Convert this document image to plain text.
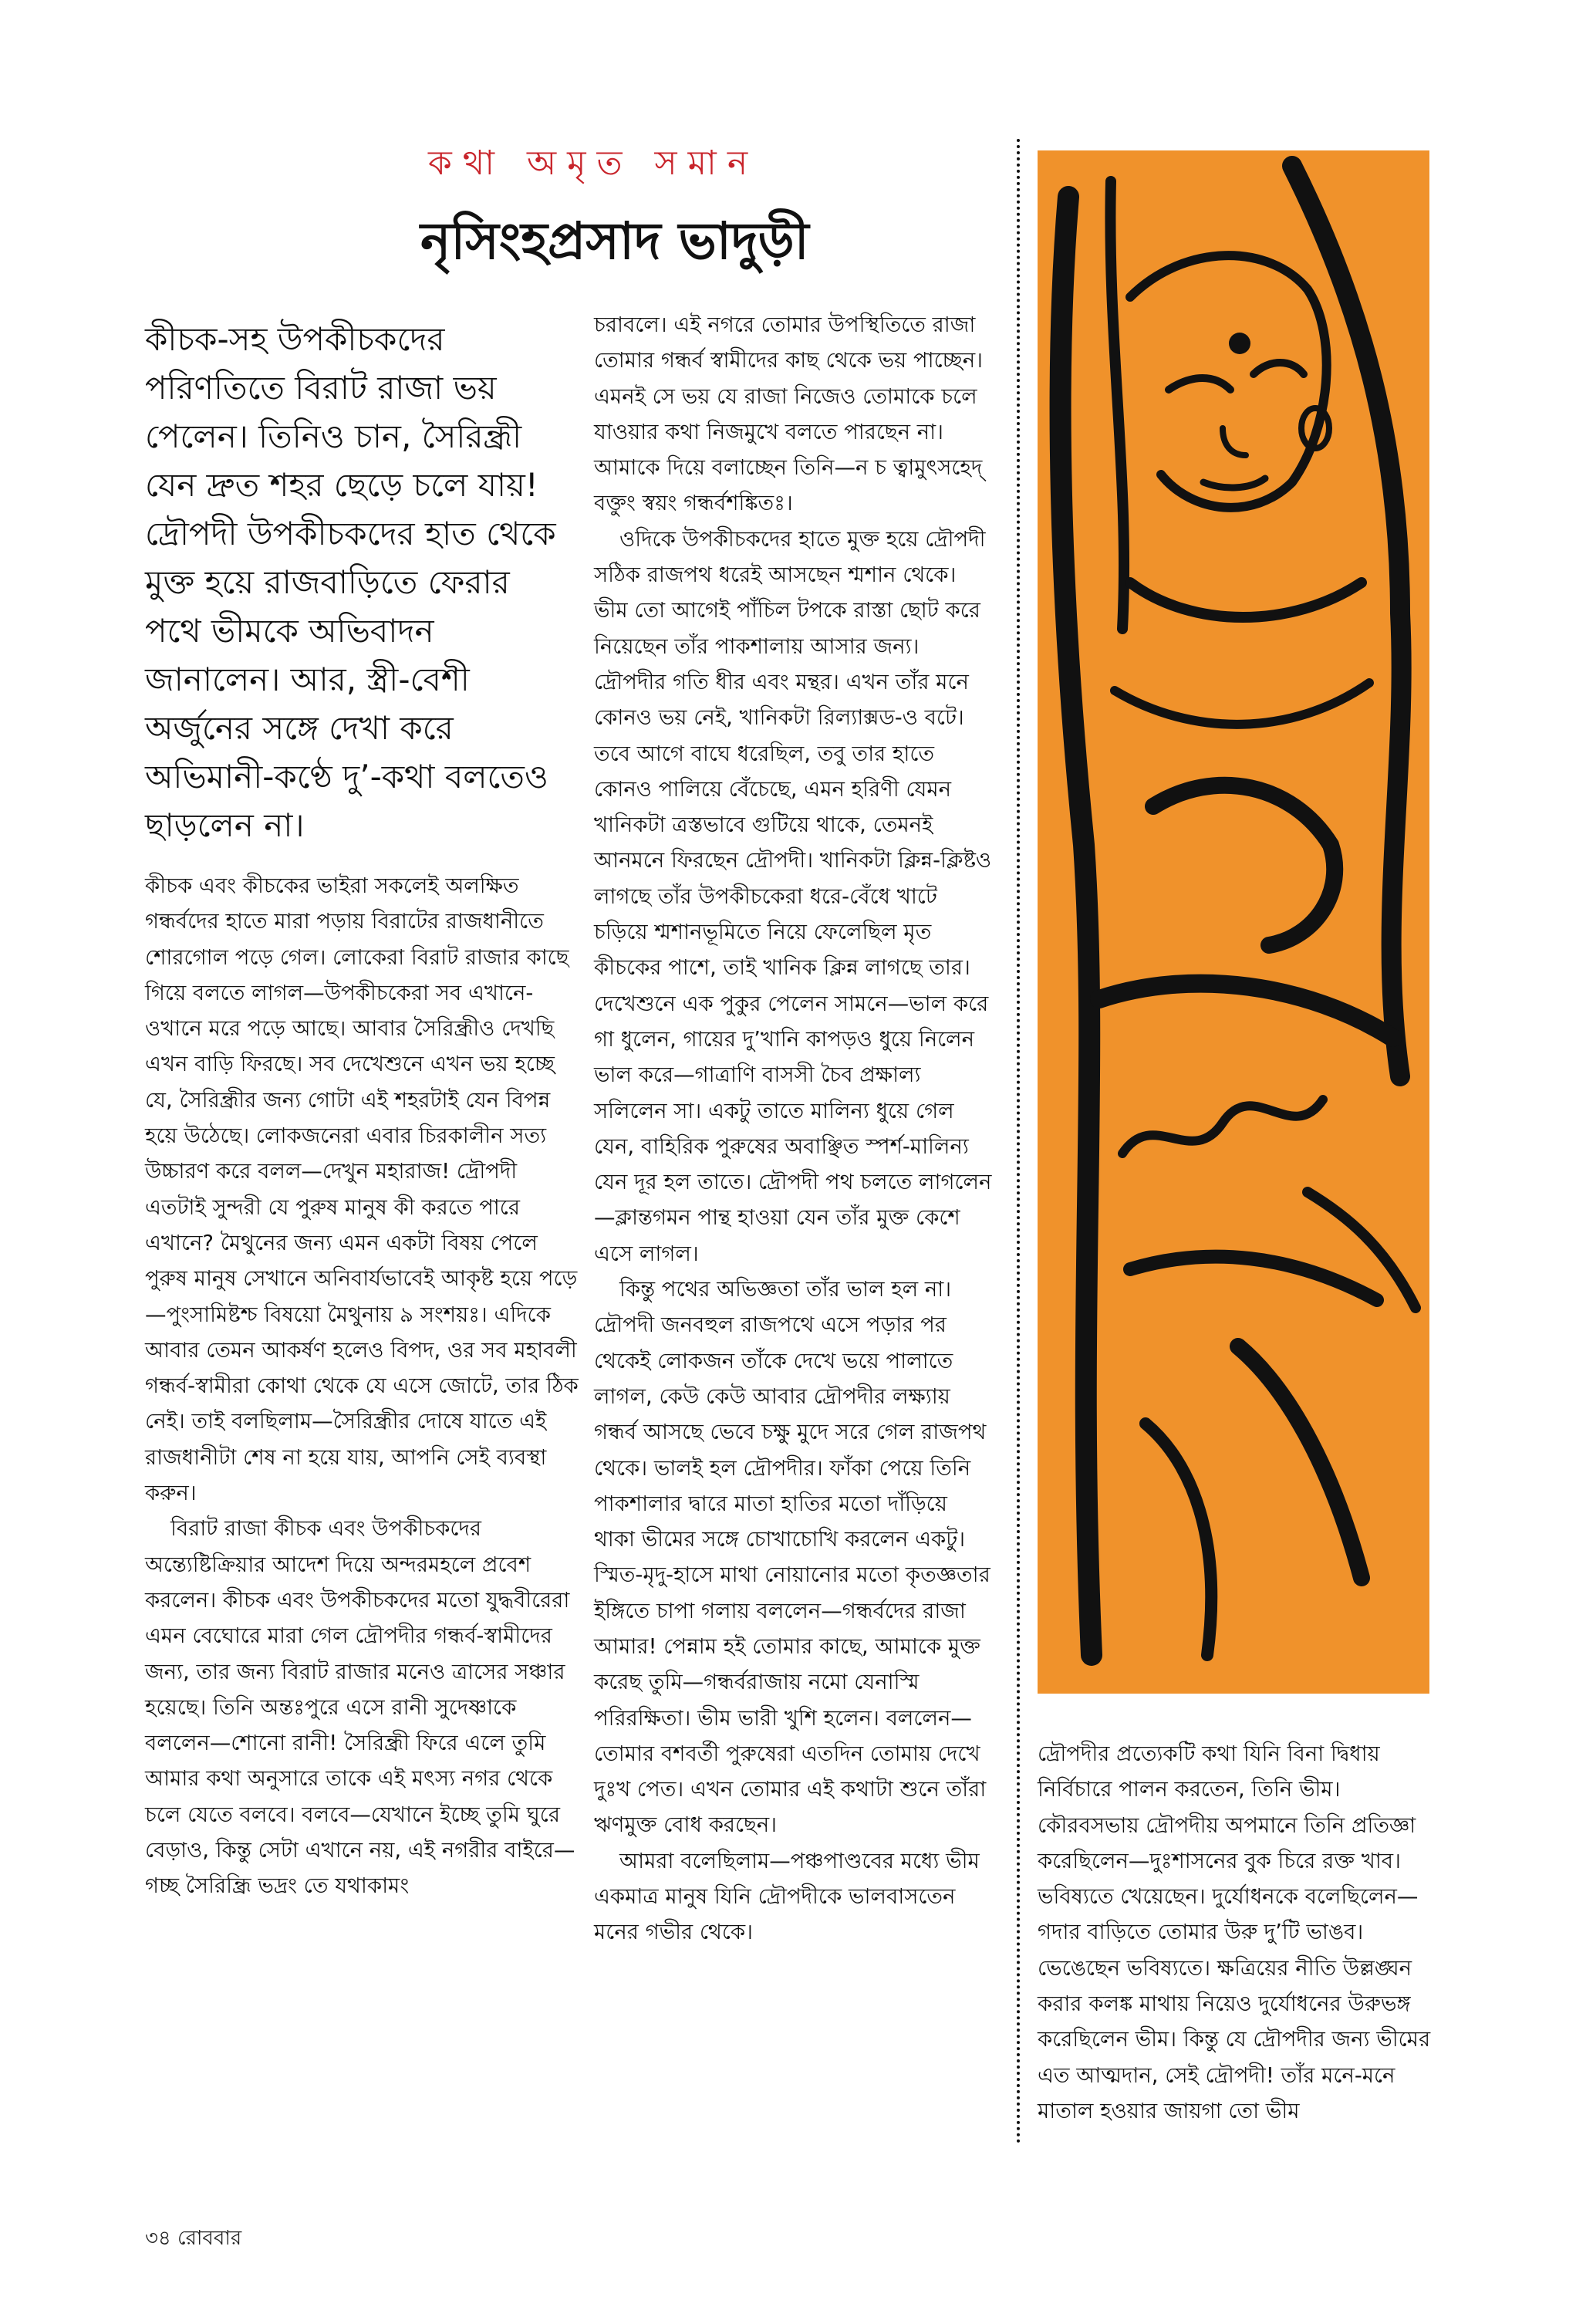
কথা অমৃত সমান
নৃসিংহপ্রসাদ ভাদুড়ী

কীচক-সহ উপকীচকদের পরিণতিতে বিরাট রাজা ভয় পেলেন। তিনিও চান, সৈরিন্ধ্রী যেন দ্রুত শহর ছেড়ে চলে যায়! দ্রৌপদী উপকীচকদের হাত থেকে মুক্ত হয়ে রাজবাড়িতে ফেরার পথে ভীমকে অভিবাদন জানালেন। আর, স্ত্রী-বেশী অর্জুনের সঙ্গে দেখা করে অভিমানী-কণ্ঠে দু’-কথা বলতেও ছাড়লেন না।

কীচক এবং কীচকের ভাইরা সকলেই অলক্ষিত গন্ধর্বদের হাতে মারা পড়ায় বিরাটের রাজধানীতে শোরগোল পড়ে গেল। লোকেরা বিরাট রাজার কাছে গিয়ে বলতে লাগল—উপকীচকেরা সব এখানে-ওখানে মরে পড়ে আছে। আবার সৈরিন্ধ্রীও দেখছি এখন বাড়ি ফিরছে। সব দেখেশুনে এখন ভয় হচ্ছে যে, সৈরিন্ধ্রীর জন্য গোটা এই শহরটাই যেন বিপন্ন হয়ে উঠেছে। লোকজনেরা এবার চিরকালীন সত্য উচ্চারণ করে বলল—দেখুন মহারাজ! দ্রৌপদী এতটাই সুন্দরী যে পুরুষ মানুষ কী করতে পারে এখানে? মৈথুনের জন্য এমন একটা বিষয় পেলে পুরুষ মানুষ সেখানে অনিবার্যভাবেই আকৃষ্ট হয়ে পড়ে—পুংসামিষ্টশ্চ বিষয়ো মৈথুনায় ৯ সংশয়ঃ। এদিকে আবার তেমন আকর্ষণ হলেও বিপদ, ওর সব মহাবলী গন্ধর্ব-স্বামীরা কোথা থেকে যে এসে জোটে, তার ঠিক নেই। তাই বলছিলাম—সৈরিন্ধ্রীর দোষে যাতে এই রাজধানীটা শেষ না হয়ে যায়, আপনি সেই ব্যবস্থা করুন।

বিরাট রাজা কীচক এবং উপকীচকদের অন্ত্যেষ্টিক্রিয়ার আদেশ দিয়ে অন্দরমহলে প্রবেশ করলেন। কীচক এবং উপকীচকদের মতো যুদ্ধবীরেরা এমন বেঘোরে মারা গেল দ্রৌপদীর গন্ধর্ব-স্বামীদের জন্য, তার জন্য বিরাট রাজার মনেও ত্রাসের সঞ্চার হয়েছে। তিনি অন্তঃপুরে এসে রানী সুদেষ্ণাকে বললেন—শোনো রানী! সৈরিন্ধ্রী ফিরে এলে তুমি আমার কথা অনুসারে তাকে এই মৎস্য নগর থেকে চলে যেতে বলবে। বলবে—যেখানে ইচ্ছে তুমি ঘুরে বেড়াও, কিন্তু সেটা এখানে নয়, এই নগরীর বাইরে—গচ্ছ সৈরিন্ধ্রি ভদ্রং তে যথাকামং

চরাবলে। এই নগরে তোমার উপস্থিতিতে রাজা তোমার গন্ধর্ব স্বামীদের কাছ থেকে ভয় পাচ্ছেন। এমনই সে ভয় যে রাজা নিজেও তোমাকে চলে যাওয়ার কথা নিজমুখে বলতে পারছেন না। আমাকে দিয়ে বলাচ্ছেন তিনি—ন চ ত্বামুৎসহেদ্ বক্তুং স্বয়ং গন্ধর্বশঙ্কিতঃ।

ওদিকে উপকীচকদের হাতে মুক্ত হয়ে দ্রৌপদী সঠিক রাজপথ ধরেই আসছেন শ্মশান থেকে। ভীম তো আগেই পাঁচিল টপকে রাস্তা ছোট করে নিয়েছেন তাঁর পাকশালায় আসার জন্য। দ্রৌপদীর গতি ধীর এবং মন্থর। এখন তাঁর মনে কোনও ভয় নেই, খানিকটা রিল্যাক্সড-ও বটে। তবে আগে বাঘে ধরেছিল, তবু তার হাতে কোনও পালিয়ে বেঁচেছে, এমন হরিণী যেমন খানিকটা ত্রস্তভাবে গুটিয়ে থাকে, তেমনই আনমনে ফিরছেন দ্রৌপদী। খানিকটা ক্লিন্ন-ক্লিষ্টও লাগছে তাঁর উপকীচকেরা ধরে-বেঁধে খাটে চড়িয়ে শ্মশানভূমিতে নিয়ে ফেলেছিল মৃত কীচকের পাশে, তাই খানিক ক্লিন্ন লাগছে তার। দেখেশুনে এক পুকুর পেলেন সামনে—ভাল করে গা ধুলেন, গায়ের দু’খানি কাপড়ও ধুয়ে নিলেন ভাল করে—গাত্রাণি বাসসী চৈব প্রক্ষাল্য সলিলেন সা। একটু তাতে মালিন্য ধুয়ে গেল যেন, বাহিরিক পুরুষের অবাঞ্ছিত স্পর্শ-মালিন্য যেন দূর হল তাতে। দ্রৌপদী পথ চলতে লাগলেন—ক্লান্তগমন পান্থ হাওয়া যেন তাঁর মুক্ত কেশে এসে লাগল।

কিন্তু পথের অভিজ্ঞতা তাঁর ভাল হল না। দ্রৌপদী জনবহুল রাজপথে এসে পড়ার পর থেকেই লোকজন তাঁকে দেখে ভয়ে পালাতে লাগল, কেউ কেউ আবার দ্রৌপদীর লক্ষ্যায় গন্ধর্ব আসছে ভেবে চক্ষু মুদে সরে গেল রাজপথ থেকে। ভালই হল দ্রৌপদীর। ফাঁকা পেয়ে তিনি পাকশালার দ্বারে মাতা হাতির মতো দাঁড়িয়ে থাকা ভীমের সঙ্গে চোখাচোখি করলেন একটু। স্মিত-মৃদু-হাসে মাথা নোয়ানোর মতো কৃতজ্ঞতার ইঙ্গিতে চাপা গলায় বললেন—গন্ধর্বদের রাজা আমার! পেন্নাম হই তোমার কাছে, আমাকে মুক্ত করেছ তুমি—গন্ধর্বরাজায় নমো যেনাস্মি পরিরক্ষিতা। ভীম ভারী খুশি হলেন। বললেন—তোমার বশবর্তী পুরুষেরা এতদিন তোমায় দেখে দুঃখ পেত। এখন তোমার এই কথাটা শুনে তাঁরা ঋণমুক্ত বোধ করছেন।

আমরা বলেছিলাম—পঞ্চপাণ্ডবের মধ্যে ভীম একমাত্র মানুষ যিনি দ্রৌপদীকে ভালবাসতেন মনের গভীর থেকে।

দ্রৌপদীর প্রত্যেকটি কথা যিনি বিনা দ্বিধায় নির্বিচারে পালন করতেন, তিনি ভীম। কৌরবসভায় দ্রৌপদীয় অপমানে তিনি প্রতিজ্ঞা করেছিলেন—দুঃশাসনের বুক চিরে রক্ত খাব। ভবিষ্যতে খেয়েছেন। দুর্যোধনকে বলেছিলেন—গদার বাড়িতে তোমার উরু দু’টি ভাঙব। ভেঙেছেন ভবিষ্যতে। ক্ষত্রিয়ের নীতি উল্লঙ্ঘন করার কলঙ্ক মাথায় নিয়েও দুর্যোধনের উরুভঙ্গ করেছিলেন ভীম। কিন্তু যে দ্রৌপদীর জন্য ভীমের এত আত্মদান, সেই দ্রৌপদী! তাঁর মনে-মনে মাতাল হওয়ার জায়গা তো ভীম

৩৪ রোববার
